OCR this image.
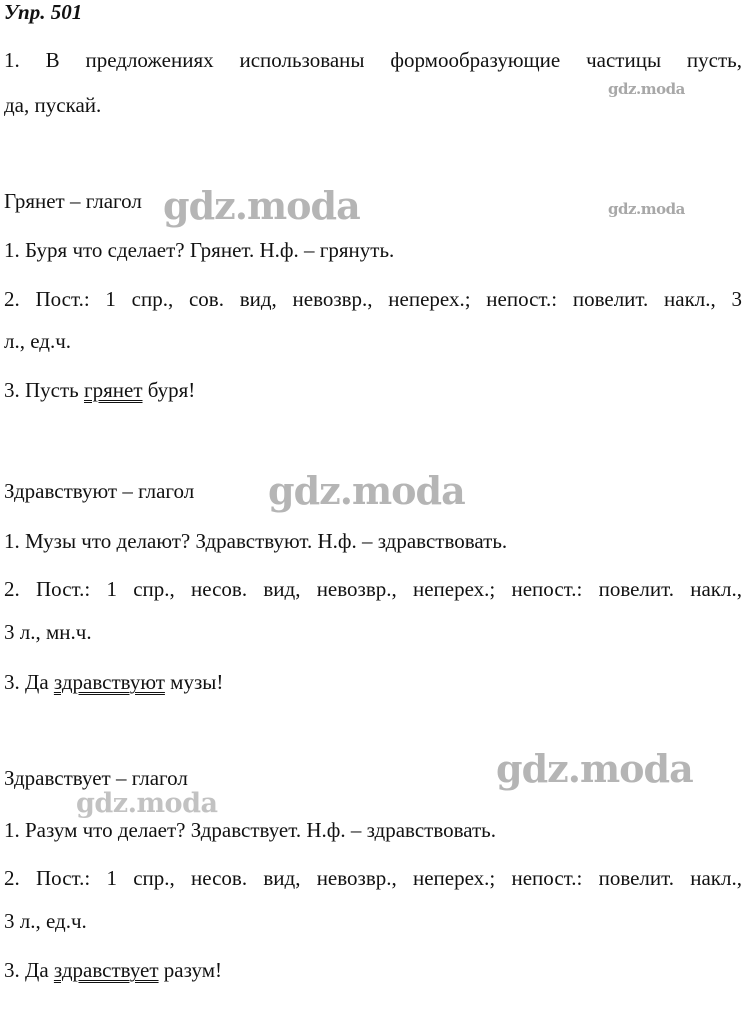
Упр. 501
1. В предложениях использованы формообразующие частицы пусть,
да, пускай.
Грянет – глагол
1. Буря что сделает? Грянет. Н.ф. – грянуть.
2. Пост.: 1 спр., сов. вид, невозвр., неперех.; непост.: повелит. накл., 3
л., ед.ч.
3. Пусть грянет буря!
Здравствуют – глагол
1. Музы что делают? Здравствуют. Н.ф. – здравствовать.
2. Пост.: 1 спр., несов. вид, невозвр., неперех.; непост.: повелит. накл.,
3 л., мн.ч.
3. Да здравствуют музы!
Здравствует – глагол
1. Разум что делает? Здравствует. Н.ф. – здравствовать.
2. Пост.: 1 спр., несов. вид, невозвр., неперех.; непост.: повелит. накл.,
3 л., ед.ч.
3. Да здравствует разум!
gdz.moda
gdz.moda
gdz.moda
gdz.moda
gdz.moda
gdz.moda
